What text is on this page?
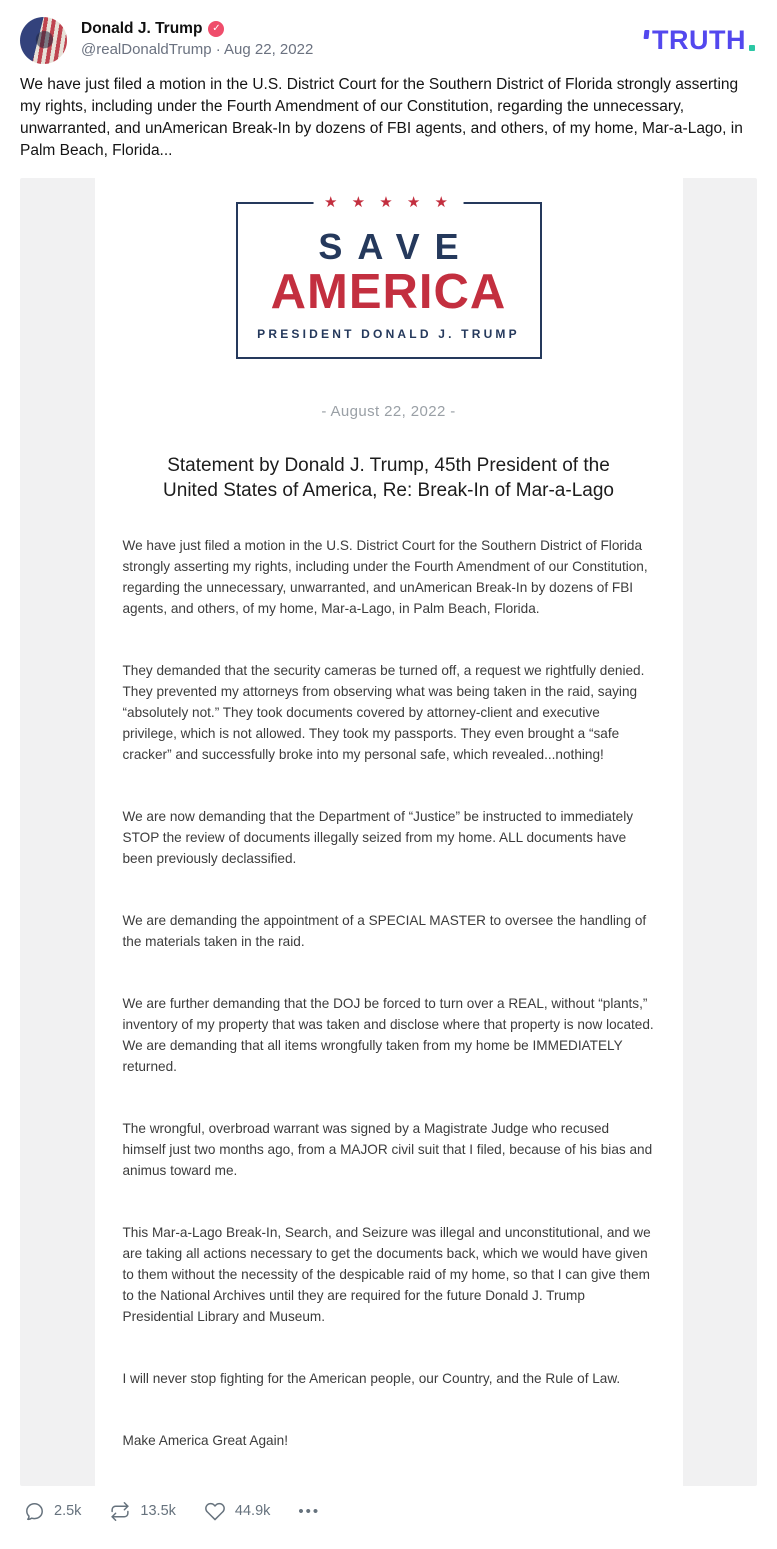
Donald J. Trump ✓
@realDonaldTrump · Aug 22, 2022	TRUTH
We have just filed a motion in the U.S. District Court for the Southern District of Florida strongly asserting my rights, including under the Fourth Amendment of our Constitution, regarding the unnecessary, unwarranted, and unAmerican Break-In by dozens of FBI agents, and others, of my home, Mar-a-Lago, in Palm Beach, Florida...
★ ★ ★ ★ ★
SAVE
AMERICA
PRESIDENT DONALD J. TRUMP
- August 22, 2022 -
Statement by Donald J. Trump, 45th President of the United States of America, Re: Break-In of Mar-a-Lago

We have just filed a motion in the U.S. District Court for the Southern District of Florida strongly asserting my rights, including under the Fourth Amendment of our Constitution, regarding the unnecessary, unwarranted, and unAmerican Break-In by dozens of FBI agents, and others, of my home, Mar-a-Lago, in Palm Beach, Florida.

They demanded that the security cameras be turned off, a request we rightfully denied. They prevented my attorneys from observing what was being taken in the raid, saying “absolutely not.” They took documents covered by attorney-client and executive privilege, which is not allowed. They took my passports. They even brought a “safe cracker” and successfully broke into my personal safe, which revealed...nothing!

We are now demanding that the Department of “Justice” be instructed to immediately STOP the review of documents illegally seized from my home. ALL documents have been previously declassified.

We are demanding the appointment of a SPECIAL MASTER to oversee the handling of the materials taken in the raid.

We are further demanding that the DOJ be forced to turn over a REAL, without “plants,” inventory of my property that was taken and disclose where that property is now located. We are demanding that all items wrongfully taken from my home be IMMEDIATELY returned.

The wrongful, overbroad warrant was signed by a Magistrate Judge who recused himself just two months ago, from a MAJOR civil suit that I filed, because of his bias and animus toward me.

This Mar-a-Lago Break-In, Search, and Seizure was illegal and unconstitutional, and we are taking all actions necessary to get the documents back, which we would have given to them without the necessity of the despicable raid of my home, so that I can give them to the National Archives until they are required for the future Donald J. Trump Presidential Library and Museum.

I will never stop fighting for the American people, our Country, and the Rule of Law.

Make America Great Again!

2.5k	13.5k	44.9k •••
